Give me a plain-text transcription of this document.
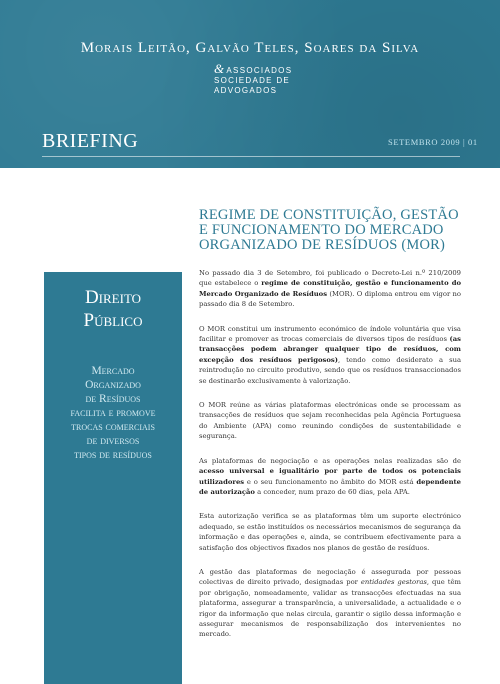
Morais Leitão, Galvão Teles, Soares da Silva
&ASSOCIADOS
SOCIEDADE DE
ADVOGADOS
BRIEFING	SETEMBRO 2009 | 01
REGIME DE CONSTITUIÇÃO, GESTÃO
E FUNCIONAMENTO DO MERCADO
ORGANIZADO DE RESÍDUOS (MOR)
Direito
Público
Mercado
Organizado
de Resíduos
facilita e promove
trocas comerciais
de diversos
tipos de resíduos

No passado dia 3 de Setembro, foi publicado o Decreto-Lei n.º 210/2009 que estabelece o regime de constituição, gestão e funcionamento do Mercado Organizado de Resíduos (MOR). O diploma entrou em vigor no passado dia 8 de Setembro.

O MOR constitui um instrumento económico de índole voluntária que visa facilitar e promover as trocas comerciais de diversos tipos de resíduos (as transacções podem abranger qualquer tipo de resíduos, com excepção dos resíduos perigosos), tendo como desiderato a sua reintrodução no circuito produtivo, sendo que os resíduos transaccionados se destinarão exclusivamente à valorização.

O MOR reúne as várias plataformas electrónicas onde se processam as transacções de resíduos que sejam reconhecidas pela Agência Portuguesa do Ambiente (APA) como reunindo condições de sustentabilidade e segurança.

As plataformas de negociação e as operações nelas realizadas são de acesso universal e igualitário por parte de todos os potenciais utilizadores e o seu funcionamento no âmbito do MOR está dependente de autorização a conceder, num prazo de 60 dias, pela APA.

Esta autorização verifica se as plataformas têm um suporte electrónico adequado, se estão instituídos os necessários mecanismos de segurança da informação e das operações e, ainda, se contribuem efectivamente para a satisfação dos objectivos fixados nos planos de gestão de resíduos.

A gestão das plataformas de negociação é assegurada por pessoas colectivas de direito privado, designadas por entidades gestoras, que têm por obrigação, nomeadamente, validar as transacções efectuadas na sua plataforma, assegurar a transparência, a universalidade, a actualidade e o rigor da informação que nelas circula, garantir o sigilo dessa informação e assegurar mecanismos de responsabilização dos intervenientes no mercado.
